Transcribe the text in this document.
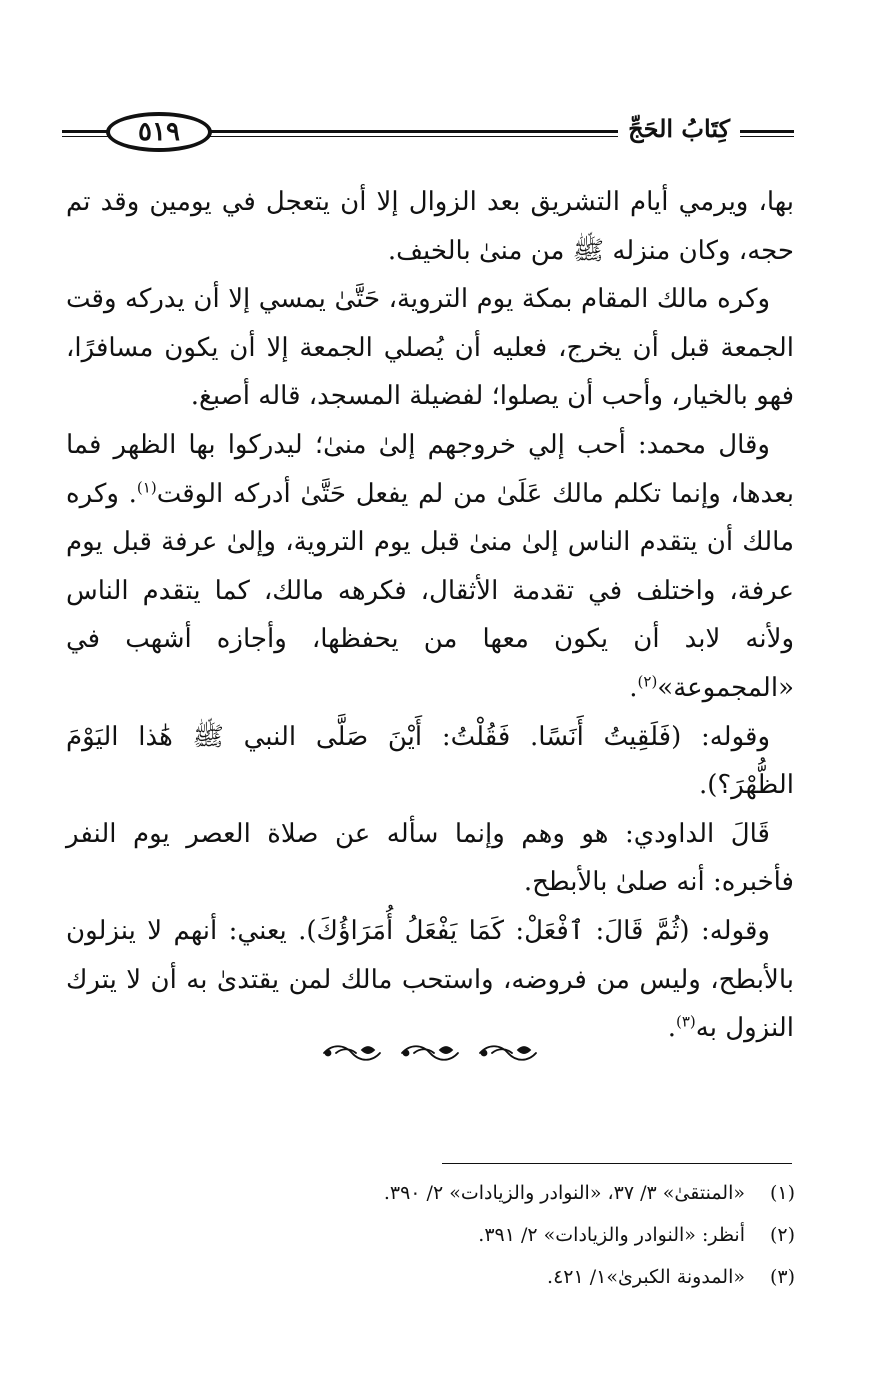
٥١٩	كِتَابُ الحَجِّ

بها، ويرمي أيام التشريق بعد الزوال إلا أن يتعجل في يومين وقد تم حجه، وكان منزله ﷺ من منىٰ بالخيف.

وكره مالك المقام بمكة يوم التروية، حَتَّىٰ يمسي إلا أن يدركه وقت الجمعة قبل أن يخرج، فعليه أن يُصلي الجمعة إلا أن يكون مسافرًا، فهو بالخيار، وأحب أن يصلوا؛ لفضيلة المسجد، قاله أصبغ.

وقال محمد: أحب إلي خروجهم إلىٰ منىٰ؛ ليدركوا بها الظهر فما بعدها، وإنما تكلم مالك عَلَىٰ من لم يفعل حَتَّىٰ أدركه الوقت$^{(١)}$. وكره مالك أن يتقدم الناس إلىٰ منىٰ قبل يوم التروية، وإلىٰ عرفة قبل يوم عرفة، واختلف في تقدمة الأثقال، فكرهه مالك، كما يتقدم الناس ولأنه لابد أن يكون معها من يحفظها، وأجازه أشهب في «المجموعة»$^{(٢)}$.

وقوله: (فَلَقِيتُ أَنَسًا. فَقُلْتُ: أَيْنَ صَلَّى النبي ﷺ هَٰذا اليَوْمَ الظُّهْرَ؟).

قَالَ الداودي: هو وهم وإنما سأله عن صلاة العصر يوم النفر فأخبره: أنه صلىٰ بالأبطح.

وقوله: (ثُمَّ قَالَ: ٱفْعَلْ: كَمَا يَفْعَلُ أُمَرَاؤُكَ). يعني: أنهم لا ينزلون بالأبطح، وليس من فروضه، واستحب مالك لمن يقتدىٰ به أن لا يترك النزول به$^{(٣)}$.

(١)
«المنتقىٰ» ٣/ ٣٧، «النوادر والزيادات» ٢/ ٣٩٠.
(٢)
أنظر: «النوادر والزيادات» ٢/ ٣٩١.
(٣)
«المدونة الكبرىٰ»١/ ٤٢١.
